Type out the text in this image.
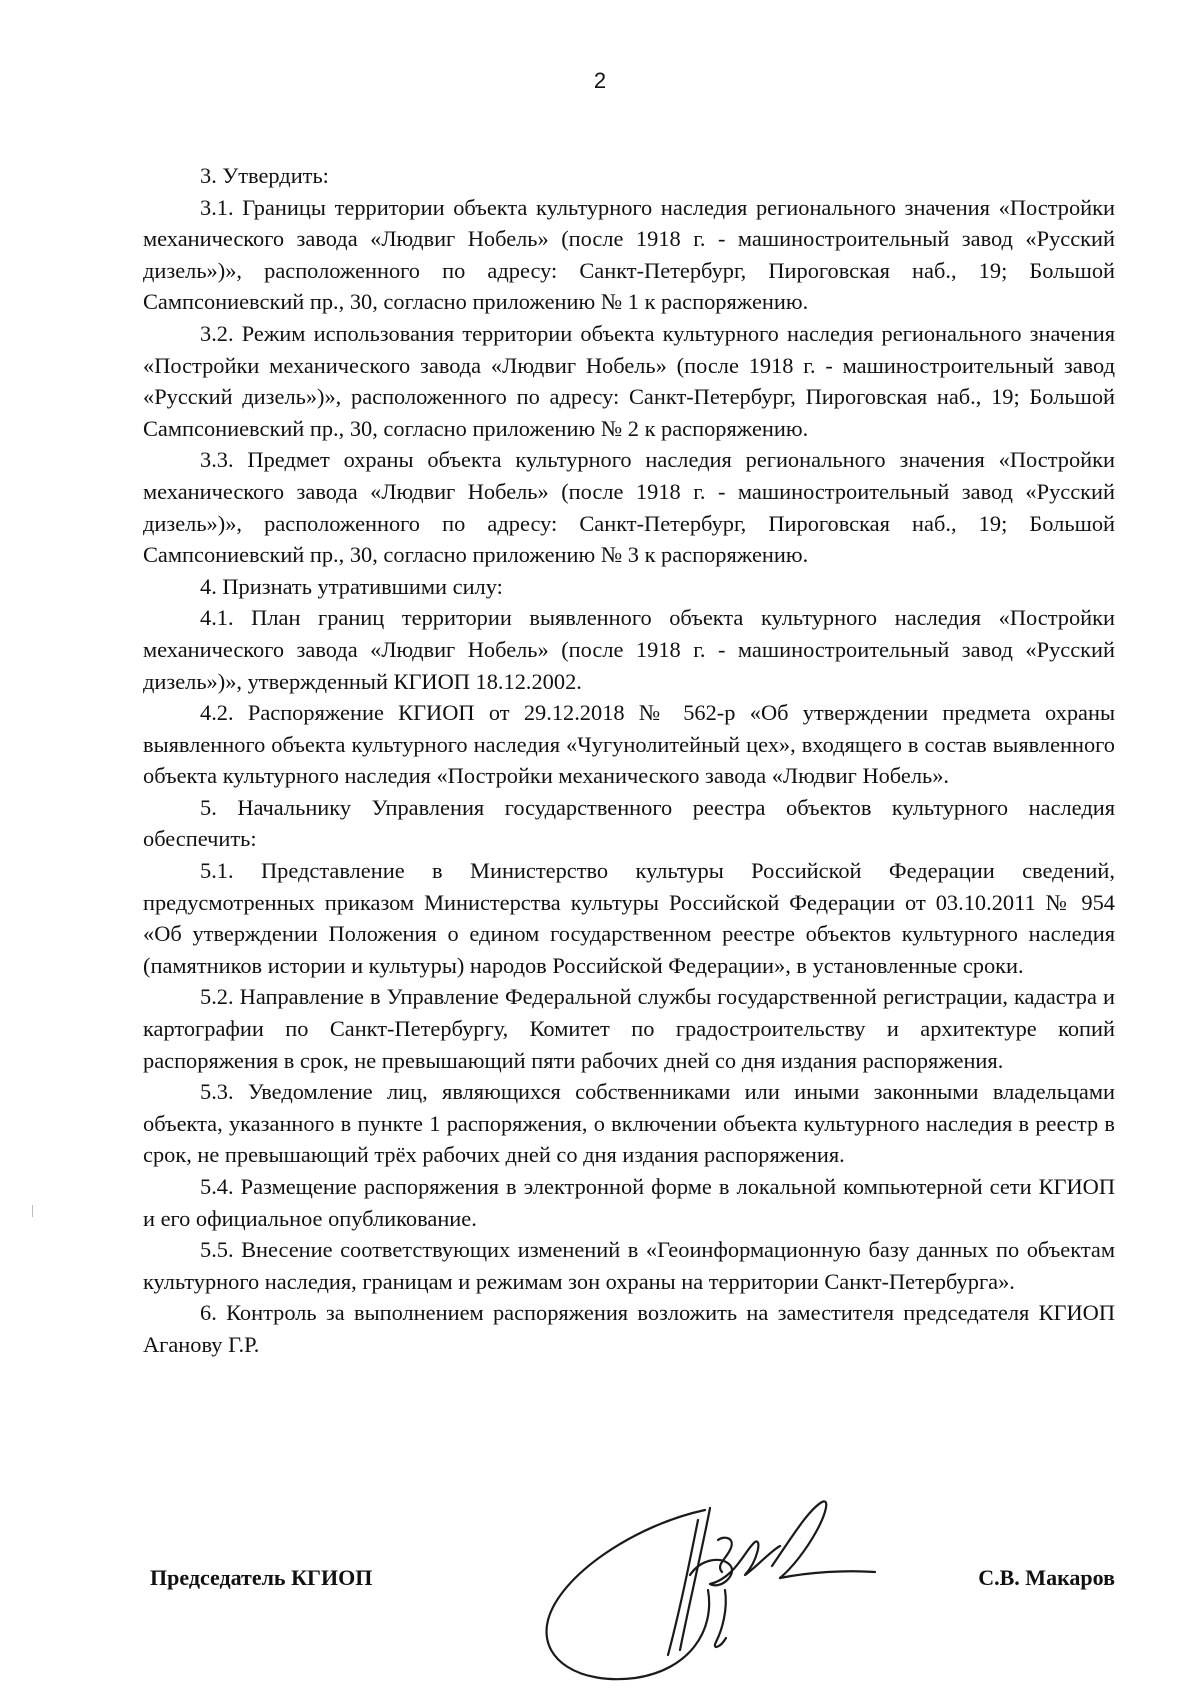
2

3. Утвердить:

3.1. Границы территории объекта культурного наследия регионального значения «Постройки механического завода «Людвиг Нобель» (после 1918 г. - машиностроительный завод «Русский дизель»)», расположенного по адресу: Санкт-Петербург, Пироговская наб., 19; Большой Сампсониевский пр., 30, согласно приложению № 1 к распоряжению.

3.2. Режим использования территории объекта культурного наследия регионального значения «Постройки механического завода «Людвиг Нобель» (после 1918 г. - машиностроительный завод «Русский дизель»)», расположенного по адресу: Санкт-Петербург, Пироговская наб., 19; Большой Сампсониевский пр., 30, согласно приложению № 2 к распоряжению.

3.3. Предмет охраны объекта культурного наследия регионального значения «Постройки механического завода «Людвиг Нобель» (после 1918 г. - машиностроительный завод «Русский дизель»)», расположенного по адресу: Санкт-Петербург, Пироговская наб., 19; Большой Сампсониевский пр., 30, согласно приложению № 3 к распоряжению.

4. Признать утратившими силу:

4.1. План границ территории выявленного объекта культурного наследия «Постройки механического завода «Людвиг Нобель» (после 1918 г. - машиностроительный завод «Русский дизель»)», утвержденный КГИОП 18.12.2002.

4.2. Распоряжение КГИОП от 29.12.2018 № 562-р «Об утверждении предмета охраны выявленного объекта культурного наследия «Чугунолитейный цех», входящего в состав выявленного объекта культурного наследия «Постройки механического завода «Людвиг Нобель».

5. Начальнику Управления государственного реестра объектов культурного наследия обеспечить:

5.1. Представление в Министерство культуры Российской Федерации сведений, предусмотренных приказом Министерства культуры Российской Федерации от 03.10.2011 № 954 «Об утверждении Положения о едином государственном реестре объектов культурного наследия (памятников истории и культуры) народов Российской Федерации», в установленные сроки.

5.2. Направление в Управление Федеральной службы государственной регистрации, кадастра и картографии по Санкт-Петербургу, Комитет по градостроительству и архитектуре копий распоряжения в срок, не превышающий пяти рабочих дней со дня издания распоряжения.

5.3. Уведомление лиц, являющихся собственниками или иными законными владельцами объекта, указанного в пункте 1 распоряжения, о включении объекта культурного наследия в реестр в срок, не превышающий трёх рабочих дней со дня издания распоряжения.

5.4. Размещение распоряжения в электронной форме в локальной компьютерной сети КГИОП и его официальное опубликование.

5.5. Внесение соответствующих изменений в «Геоинформационную базу данных по объектам культурного наследия, границам и режимам зон охраны на территории Санкт-Петербурга».

6. Контроль за выполнением распоряжения возложить на заместителя председателя КГИОП Аганову Г.Р.

Председатель КГИОП	С.В. Макаров
